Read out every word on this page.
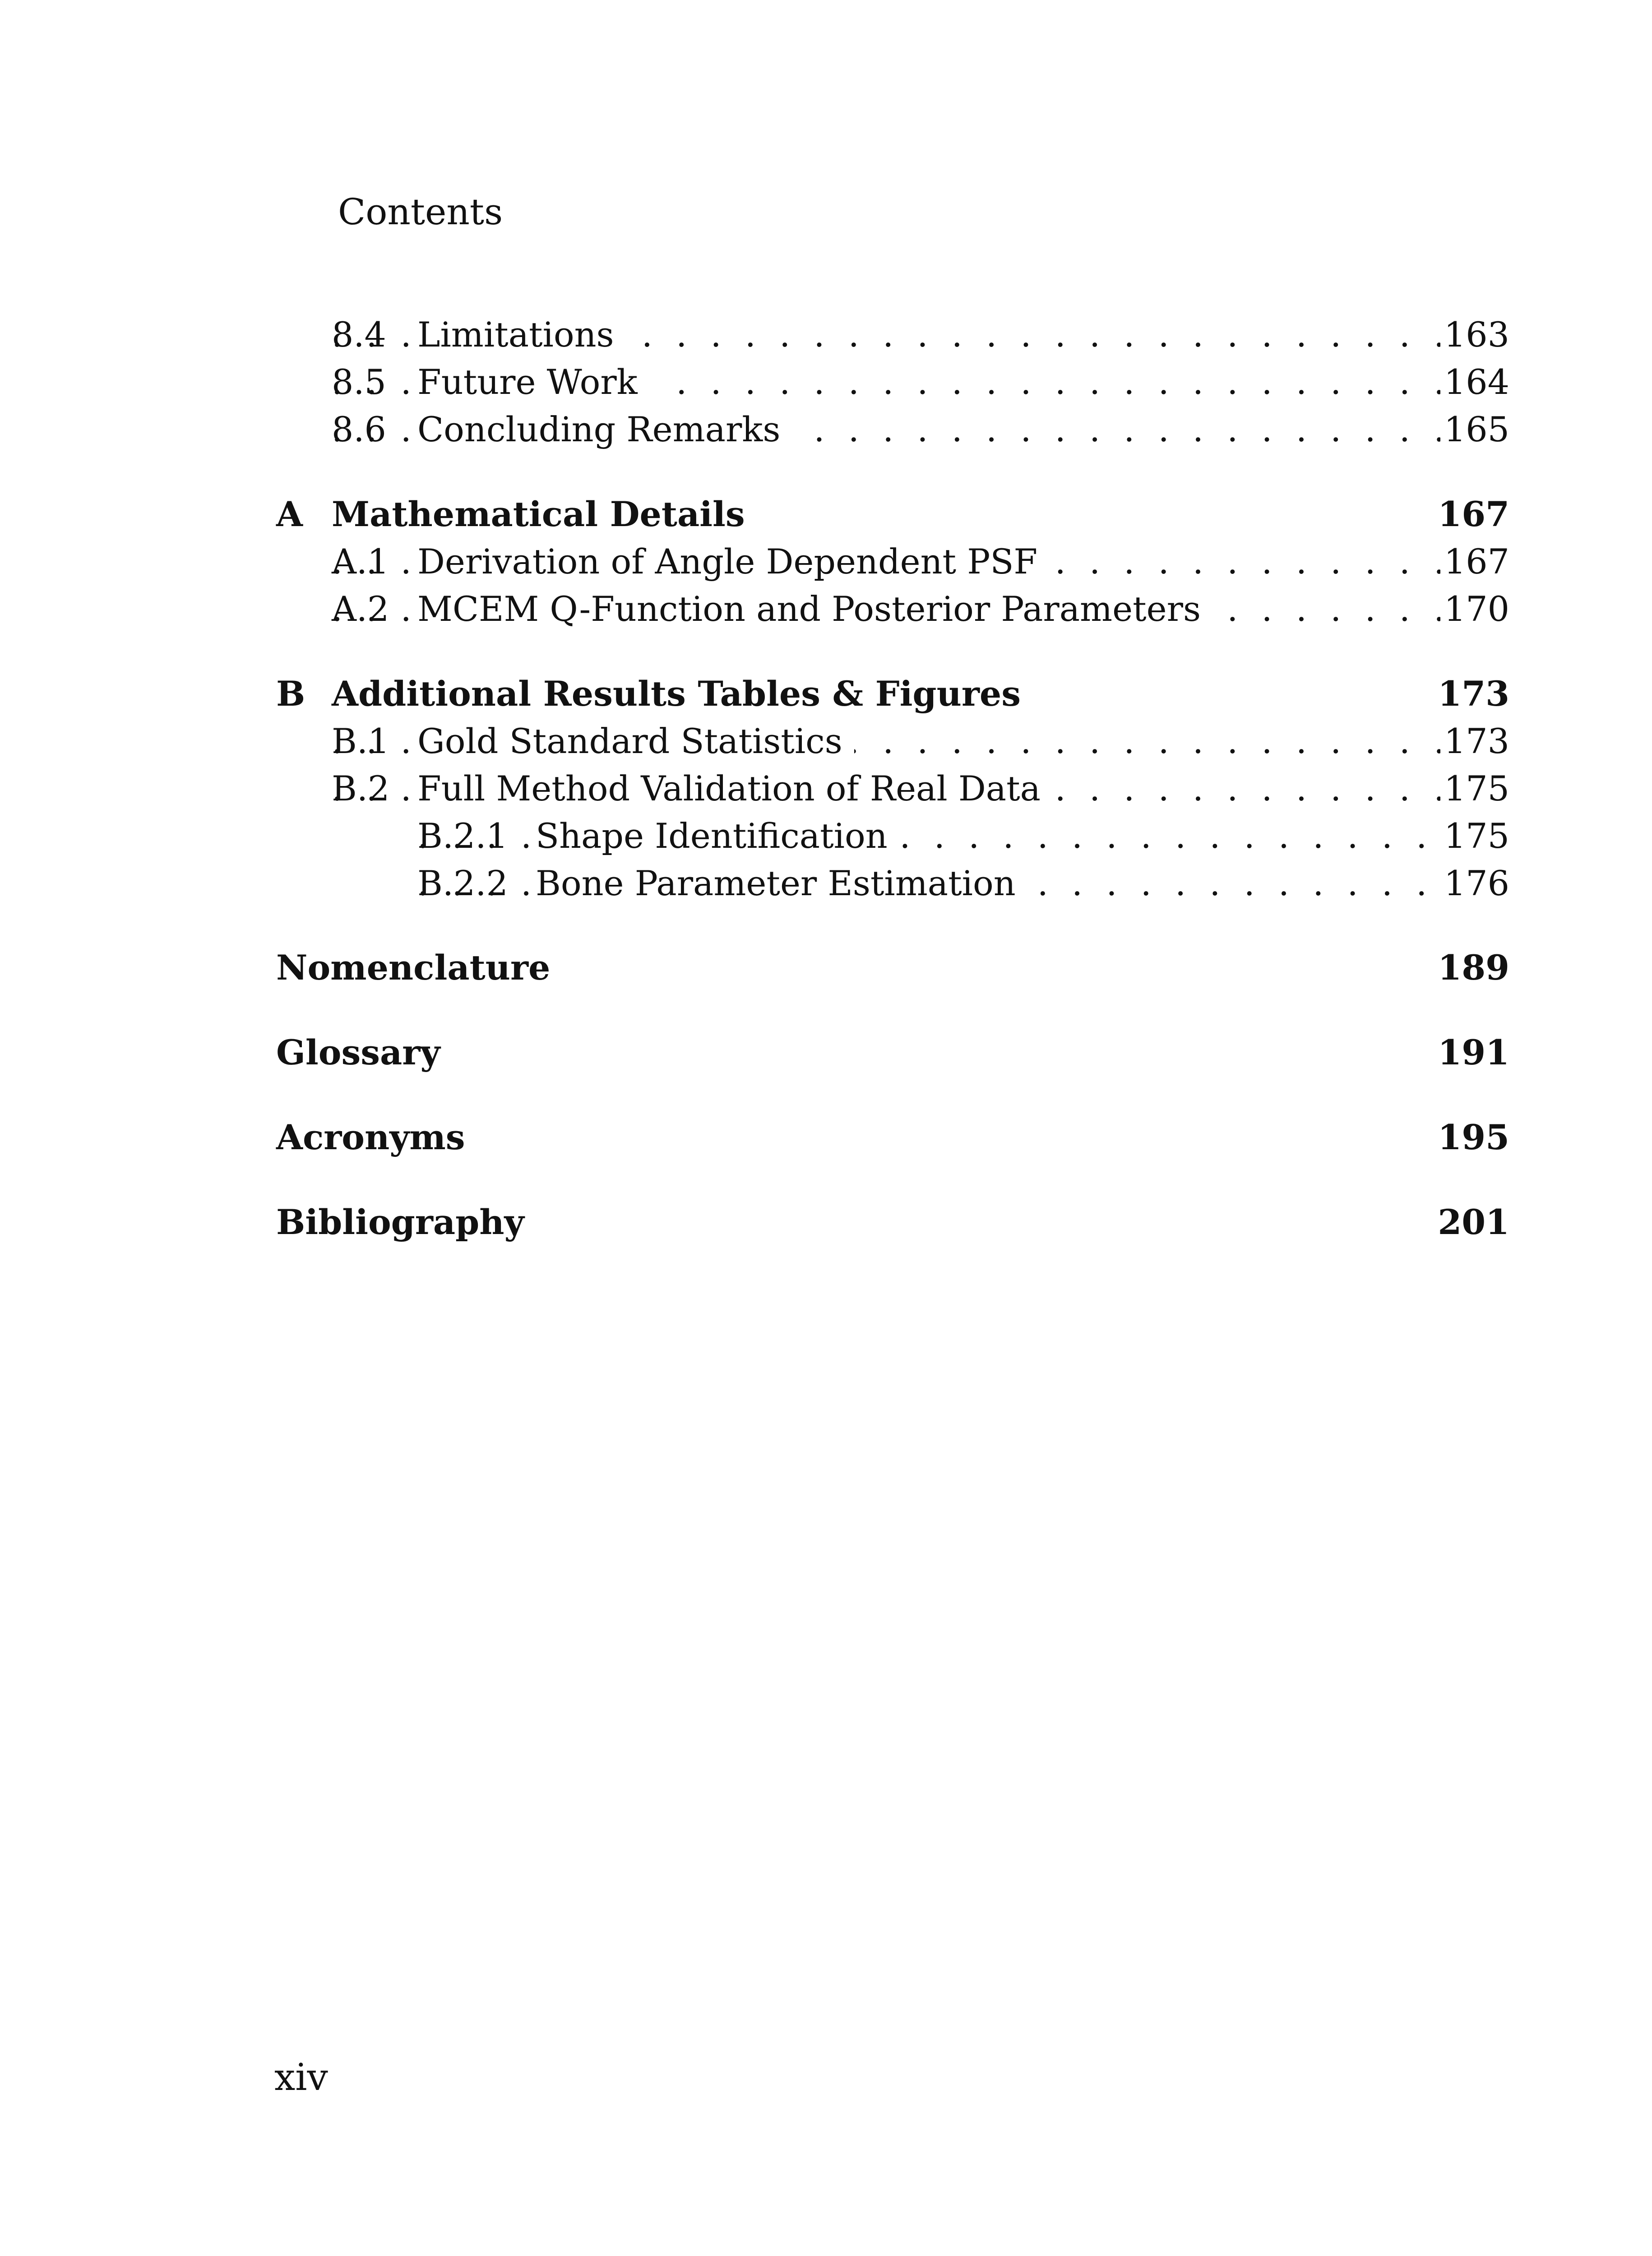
Contents
. . .
8.4 Limitations	163
. . .
8.5 Future Work	164
. . .
8.6 Concluding Remarks	165
A Mathematical Details	167
. . .
A.1 Derivation of Angle Dependent PSF	167
. . .
A.2 MCEM Q-Function and Posterior Parameters	170
B Additional Results Tables & Figures	173
. . .
B.1 Gold Standard Statistics	173
. . .
B.2 Full Method Validation of Real Data	175
. . .
B.2.1 Shape Identification	175
. . .
B.2.2 Bone Parameter Estimation	176
Nomenclature	189
Glossary	191
Acronyms	195
Bibliography	201
xiv
